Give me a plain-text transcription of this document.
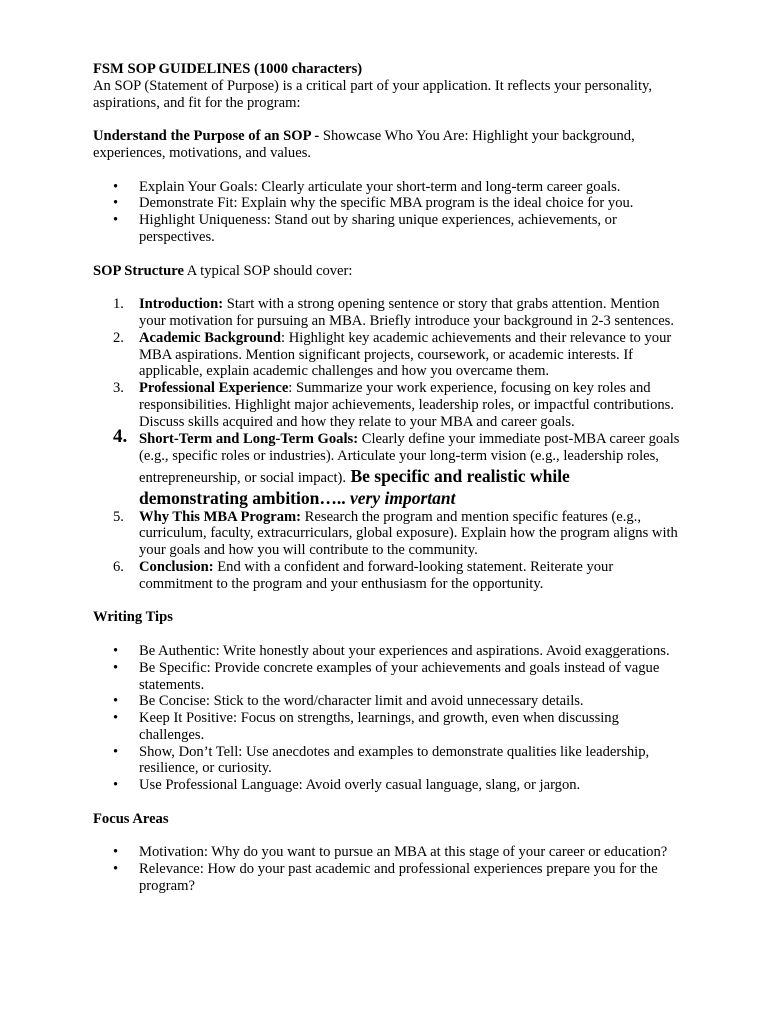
FSM SOP GUIDELINES (1000 characters)

An SOP (Statement of Purpose) is a critical part of your application. It reflects your personality, aspirations, and fit for the program:

Understand the Purpose of an SOP - Showcase Who You Are: Highlight your background, experiences, motivations, and values.

•	Explain Your Goals: Clearly articulate your short-term and long-term career goals.
•	Demonstrate Fit: Explain why the specific MBA program is the ideal choice for you.
•	Highlight Uniqueness: Stand out by sharing unique experiences, achievements, or perspectives.

SOP Structure A typical SOP should cover:

1.	Introduction: Start with a strong opening sentence or story that grabs attention. Mention your motivation for pursuing an MBA. Briefly introduce your background in 2-3 sentences.
2.	Academic Background: Highlight key academic achievements and their relevance to your MBA aspirations. Mention significant projects, coursework, or academic interests. If applicable, explain academic challenges and how you overcame them.
3.	Professional Experience: Summarize your work experience, focusing on key roles and responsibilities. Highlight major achievements, leadership roles, or impactful contributions. Discuss skills acquired and how they relate to your MBA and career goals.
4. Short-Term and Long-Term Goals: Clearly define your immediate post-MBA career goals (e.g., specific roles or industries). Articulate your long-term vision (e.g., leadership roles, entrepreneurship, or social impact). Be specific and realistic while demonstrating ambition….. very important
5.	Why This MBA Program: Research the program and mention specific features (e.g., curriculum, faculty, extracurriculars, global exposure). Explain how the program aligns with your goals and how you will contribute to the community.
6.	Conclusion: End with a confident and forward-looking statement. Reiterate your commitment to the program and your enthusiasm for the opportunity.

Writing Tips

•	Be Authentic: Write honestly about your experiences and aspirations. Avoid exaggerations.
•	Be Specific: Provide concrete examples of your achievements and goals instead of vague statements.
•	Be Concise: Stick to the word/character limit and avoid unnecessary details.
•	Keep It Positive: Focus on strengths, learnings, and growth, even when discussing challenges.
•	Show, Don’t Tell: Use anecdotes and examples to demonstrate qualities like leadership, resilience, or curiosity.
•	Use Professional Language: Avoid overly casual language, slang, or jargon.

Focus Areas

•	Motivation: Why do you want to pursue an MBA at this stage of your career or education?
•	Relevance: How do your past academic and professional experiences prepare you for the program?
